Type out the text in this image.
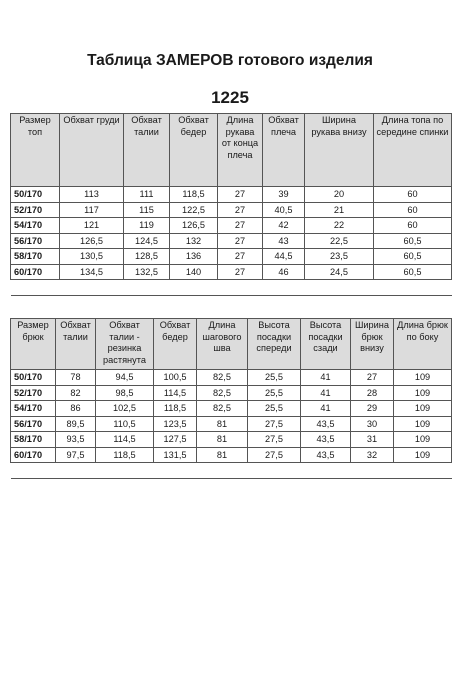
Таблица ЗАМЕРОВ готового изделия
1225
Размер топ	Обхват груди	Обхват талии	Обхват бедер	Длина рукава от конца плеча	Обхват плеча	Ширина рукава внизу	Длина топа по середине спинки
50/170	113	111	118,5	27	39	20	60
52/170	117	115	122,5	27	40,5	21	60
54/170	121	119	126,5	27	42	22	60
56/170	126,5	124,5	132	27	43	22,5	60,5
58/170	130,5	128,5	136	27	44,5	23,5	60,5
60/170	134,5	132,5	140	27	46	24,5	60,5

Размер брюк	Обхват талии	Обхват талии - резинка растянута	Обхват бедер	Длина шагового шва	Высота посадки спереди	Высота посадки сзади	Ширина брюк внизу	Длина брюк по боку
50/170	78	94,5	100,5	82,5	25,5	41	27	109
52/170	82	98,5	114,5	82,5	25,5	41	28	109
54/170	86	102,5	118,5	82,5	25,5	41	29	109
56/170	89,5	110,5	123,5	81	27,5	43,5	30	109
58/170	93,5	114,5	127,5	81	27,5	43,5	31	109
60/170	97,5	118,5	131,5	81	27,5	43,5	32	109
